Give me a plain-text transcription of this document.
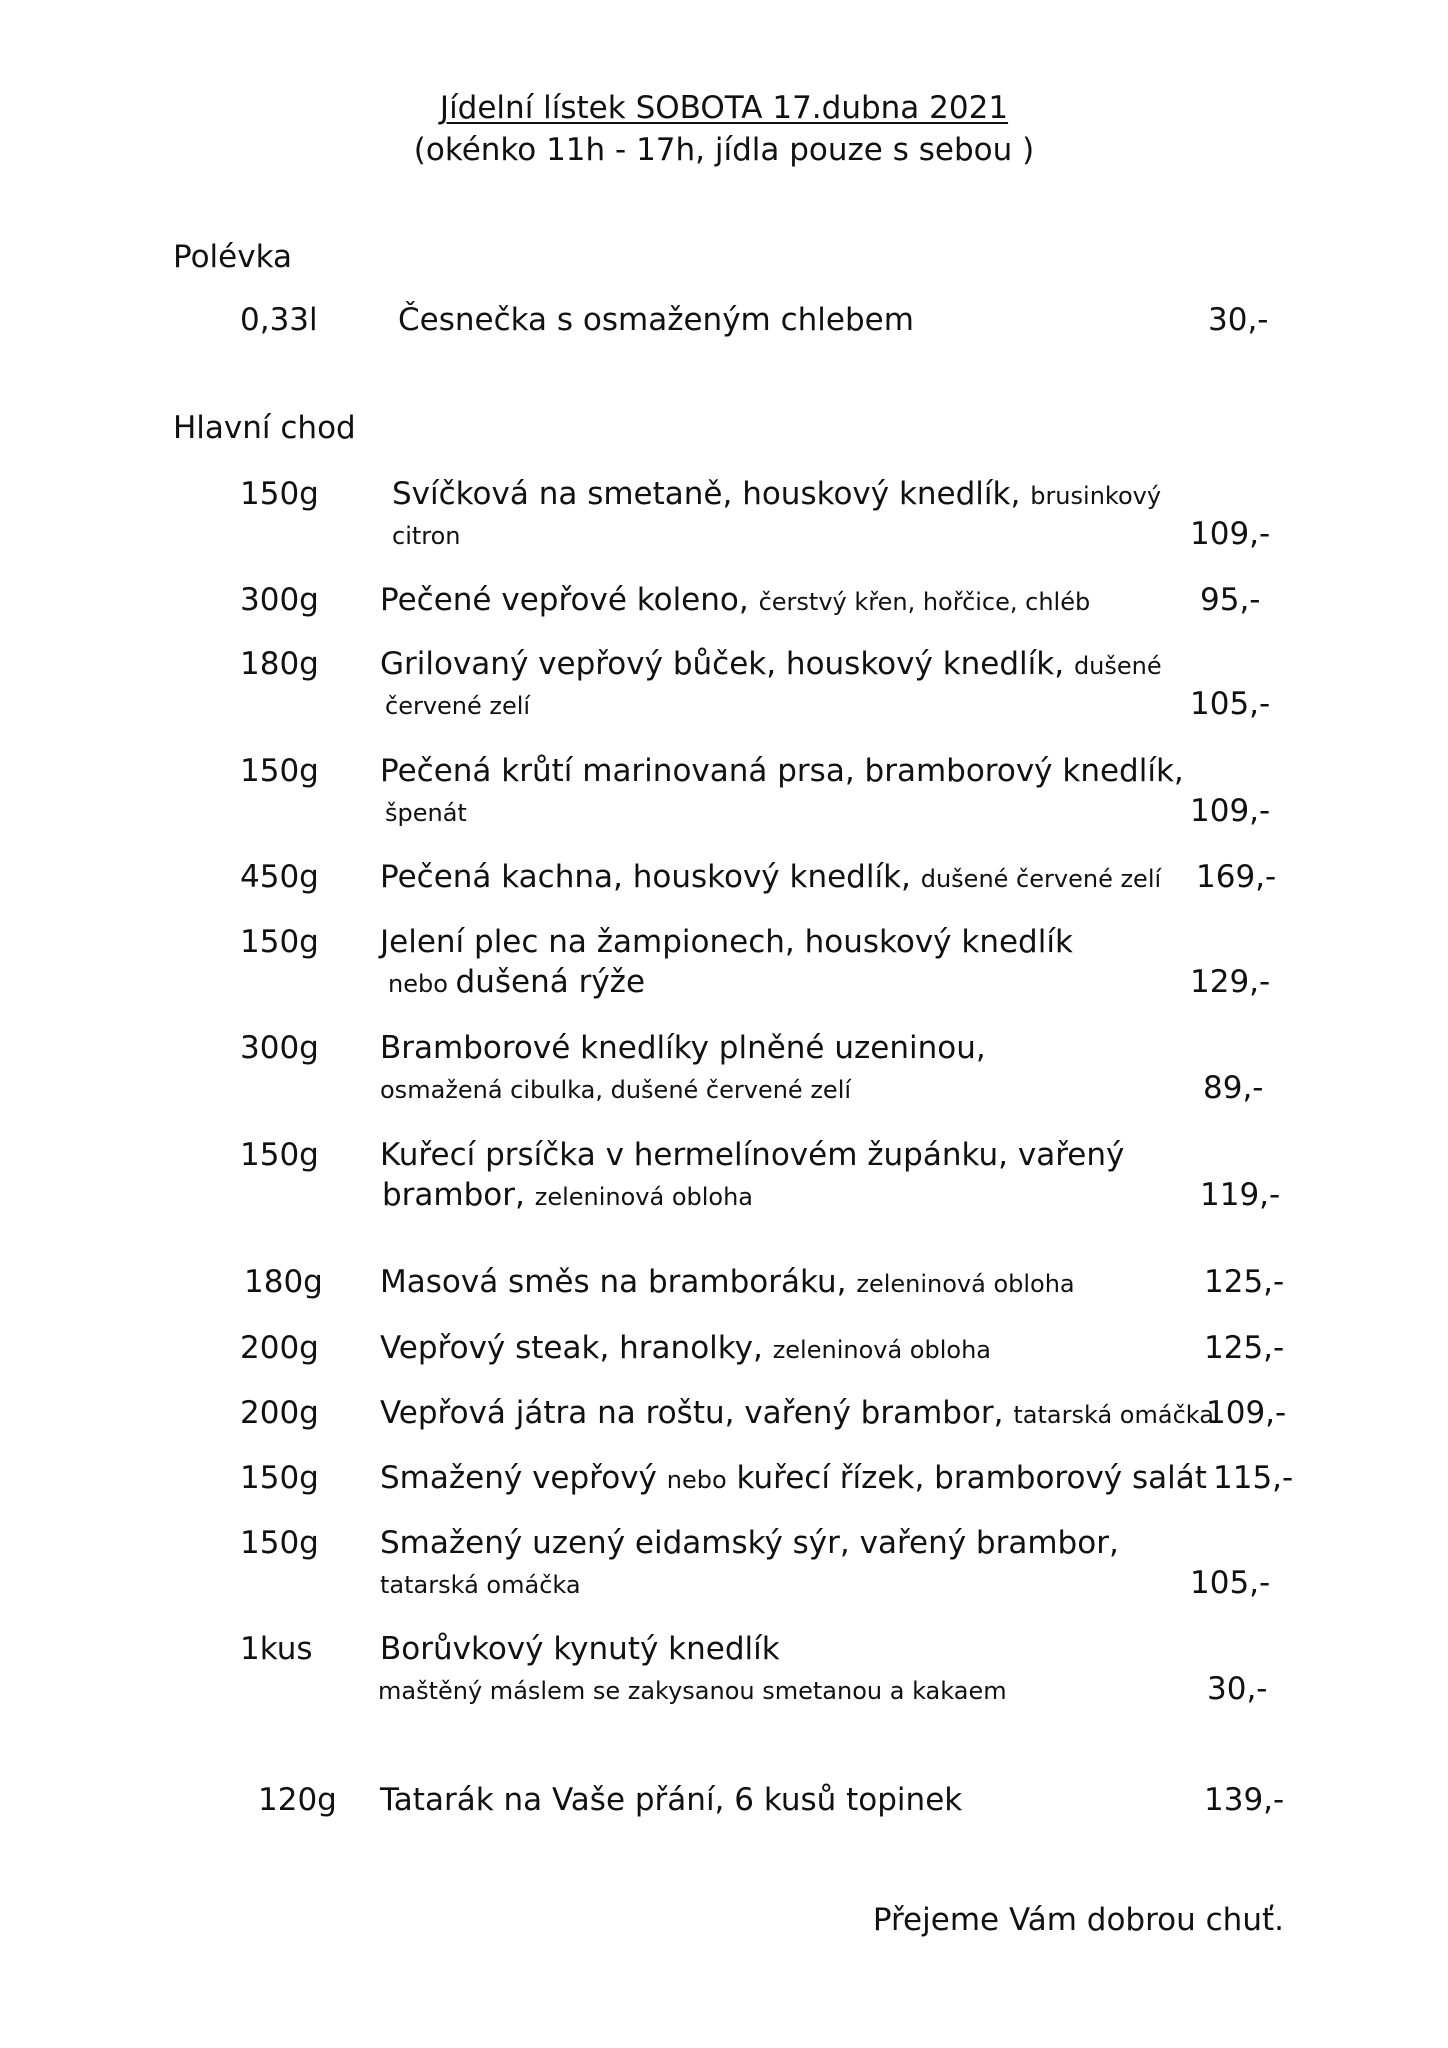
Jídelní lístek SOBOTA 17.dubna 2021
(okénko 11h - 17h, jídla pouze s sebou )
Polévka
0,33l	Česnečka s osmaženým chlebem	30,-
Hlavní chod
150g Svíčková na smetaně, houskový knedlík, brusinkový
citron	109,-
300g Pečené vepřové koleno, čerstvý křen, hořčice, chléb	95,-
180g Grilovaný vepřový bůček, houskový knedlík, dušené
červené zelí	105,-
150g Pečená krůtí marinovaná prsa, bramborový knedlík,
špenát	109,-
450g Pečená kachna, houskový knedlík, dušené červené zelí 169,-
150g Jelení plec na žampionech, houskový knedlík
nebo dušená rýže	129,-
300g Bramborové knedlíky plněné uzeninou,
osmažená cibulka, dušené červené zelí	89,-
150g Kuřecí prsíčka v hermelínovém župánku, vařený
brambor, zeleninová obloha	119,-
180g Masová směs na bramboráku, zeleninová obloha	125,-
200g Vepřový steak, hranolky, zeleninová obloha	125,-
200g Vepřová játra na roštu, vařený brambor, tatarská omáčka
109,-
150g Smažený vepřový nebo kuřecí řízek, bramborový salát 115,-
150g Smažený uzený eidamský sýr, vařený brambor,
tatarská omáčka	105,-
1kus Borůvkový kynutý knedlík
maštěný máslem se zakysanou smetanou a kakaem	30,-
120g Tatarák na Vaše přání, 6 kusů topinek	139,-
Přejeme Vám dobrou chuť.
